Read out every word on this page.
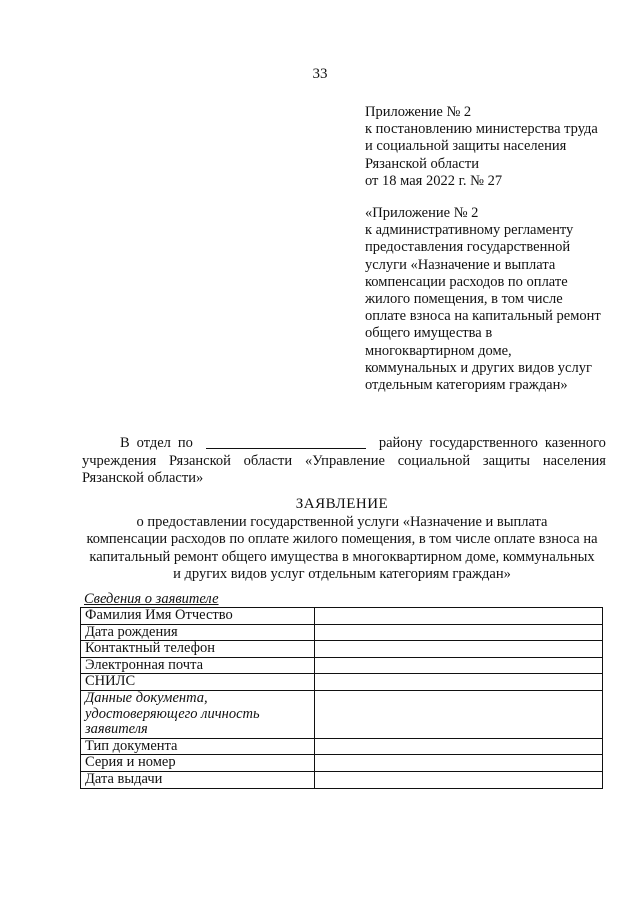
33
Приложение № 2
к постановлению министерства труда
и социальной защиты населения
Рязанской области
от 18 мая 2022 г. № 27
«Приложение № 2
к административному регламенту
предоставления государственной
услуги «Назначение и выплата
компенсации расходов по оплате
жилого помещения, в том числе
оплате взноса на капитальный ремонт
общего имущества в
многоквартирном доме,
коммунальных и других видов услуг
отдельным категориям граждан»
В отдел по	району государственного казенного
учреждения Рязанской области «Управление социальной защиты населения
Рязанской области»
ЗАЯВЛЕНИЕ
о предоставлении государственной услуги «Назначение и выплата
компенсации расходов по оплате жилого помещения, в том числе оплате взноса на
капитальный ремонт общего имущества в многоквартирном доме, коммунальных
и других видов услуг отдельным категориям граждан»
Сведения о заявителе
Фамилия Имя Отчество	
Дата рождения	
Контактный телефон	
Электронная почта	
СНИЛС	

Данные документа,
удостоверяющего личность
заявителя	

Тип документа	
Серия и номер	
Дата выдачи	
